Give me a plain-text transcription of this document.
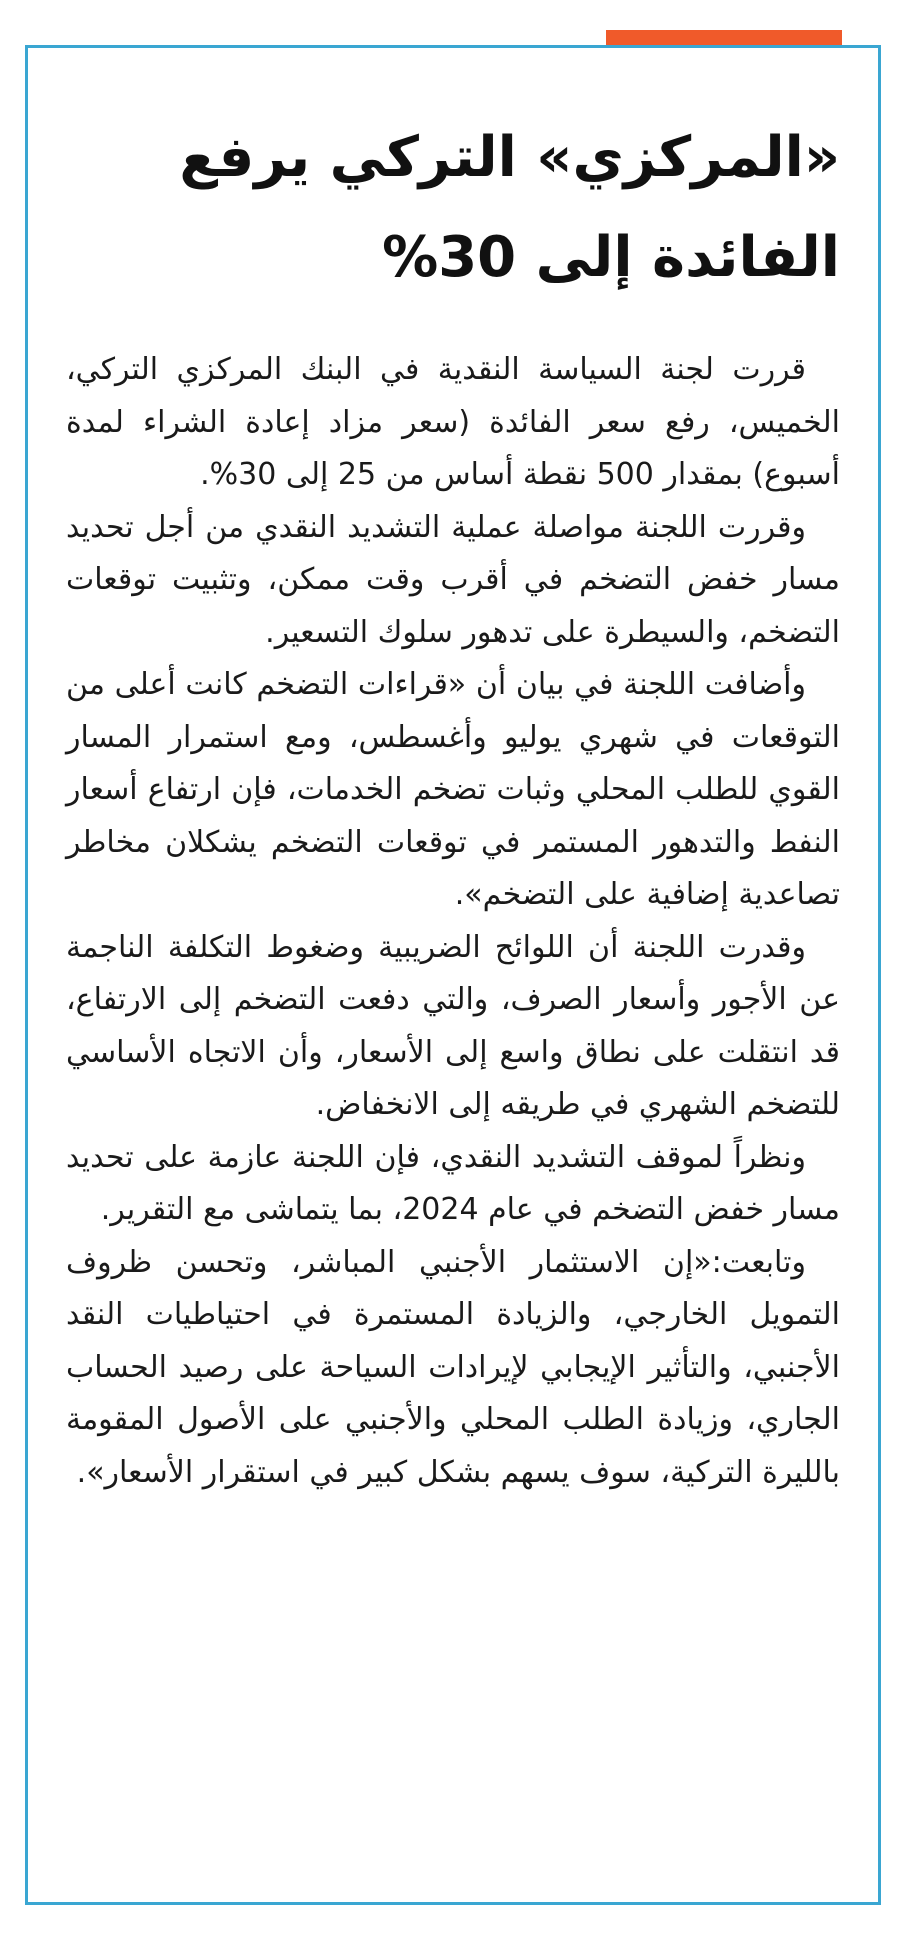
«المركزي» التركي يرفع
الفائدة إلى 30%

قررت لجنة السياسة النقدية في البنك المركزي التركي، الخميس، رفع سعر الفائدة (سعر مزاد إعادة الشراء لمدة أسبوع) بمقدار 500 نقطة أساس من 25 إلى 30%.

وقررت اللجنة مواصلة عملية التشديد النقدي من أجل تحديد مسار خفض التضخم في أقرب وقت ممكن، وتثبيت توقعات التضخم، والسيطرة على تدهور سلوك التسعير.

وأضافت اللجنة في بيان أن «قراءات التضخم كانت أعلى من التوقعات في شهري يوليو وأغسطس، ومع استمرار المسار القوي للطلب المحلي وثبات تضخم الخدمات، فإن ارتفاع أسعار النفط والتدهور المستمر في توقعات التضخم يشكلان مخاطر تصاعدية إضافية على التضخم».

وقدرت اللجنة أن اللوائح الضريبية وضغوط التكلفة الناجمة عن الأجور وأسعار الصرف، والتي دفعت التضخم إلى الارتفاع، قد انتقلت على نطاق واسع إلى الأسعار، وأن الاتجاه الأساسي للتضخم الشهري في طريقه إلى الانخفاض.

ونظراً لموقف التشديد النقدي، فإن اللجنة عازمة على تحديد مسار خفض التضخم في عام 2024، بما يتماشى مع التقرير.

وتابعت:«إن الاستثمار الأجنبي المباشر، وتحسن ظروف التمويل الخارجي، والزيادة المستمرة في احتياطيات النقد الأجنبي، والتأثير الإيجابي لإيرادات السياحة على رصيد الحساب الجاري، وزيادة الطلب المحلي والأجنبي على الأصول المقومة بالليرة التركية، سوف يسهم بشكل كبير في استقرار الأسعار».
